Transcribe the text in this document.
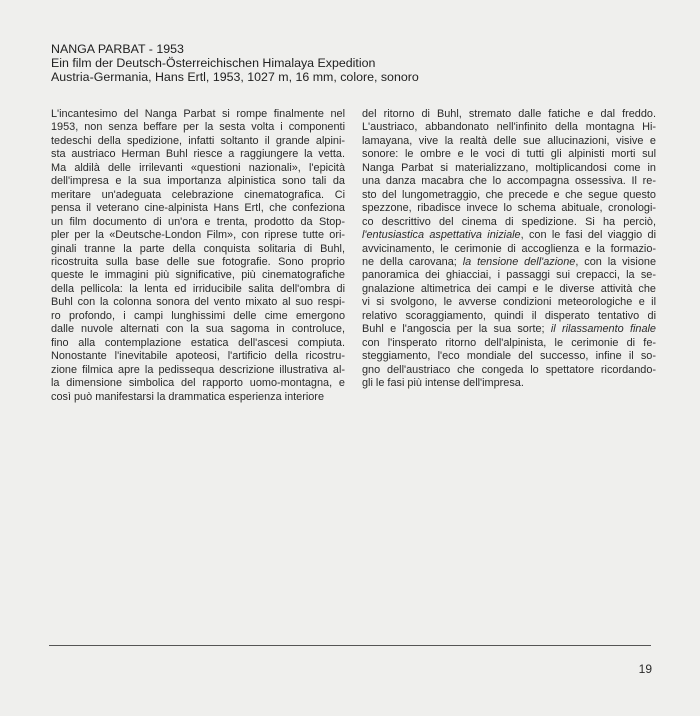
NANGA PARBAT - 1953
Ein film der Deutsch-Österreichischen Himalaya Expedition
Austria-Germania, Hans Ertl, 1953, 1027 m, 16 mm, colore, sonoro
L'incantesimo del Nanga Parbat si rompe finalmente nel
1953, non senza beffare per la sesta volta i componenti
tedeschi della spedizione, infatti soltanto il grande alpini-
sta austriaco Herman Buhl riesce a raggiungere la vetta.
Ma aldilà delle irrilevanti «questioni nazionali», l'epicità
dell'impresa e la sua importanza alpinistica sono tali da
meritare un'adeguata celebrazione cinematografica. Ci
pensa il veterano cine-alpinista Hans Ertl, che confeziona
un film documento di un'ora e trenta, prodotto da Stop-
pler per la «Deutsche-London Film», con riprese tutte ori-
ginali tranne la parte della conquista solitaria di Buhl,
ricostruita sulla base delle sue fotografie. Sono proprio
queste le immagini più significative, più cinematografiche
della pellicola: la lenta ed irriducibile salita dell'ombra di
Buhl con la colonna sonora del vento mixato al suo respi-
ro profondo, i campi lunghissimi delle cime emergono
dalle nuvole alternati con la sua sagoma in controluce,
fino alla contemplazione estatica dell'ascesi compiuta.
Nonostante l'inevitabile apoteosi, l'artificio della ricostru-
zione filmica apre la pedissequa descrizione illustrativa al-
la dimensione simbolica del rapporto uomo-montagna, e
così può manifestarsi la drammatica esperienza interiore
del ritorno di Buhl, stremato dalle fatiche e dal freddo.
L'austriaco, abbandonato nell'infinito della montagna Hi-
lamayana, vive la realtà delle sue allucinazioni, visive e
sonore: le ombre e le voci di tutti gli alpinisti morti sul
Nanga Parbat si materializzano, moltiplicandosi come in
una danza macabra che lo accompagna ossessiva. Il re-
sto del lungometraggio, che precede e che segue questo
spezzone, ribadisce invece lo schema abituale, cronologi-
co descrittivo del cinema di spedizione. Si ha perciò,
l'entusiastica aspettativa iniziale, con le fasi del viaggio di
avvicinamento, le cerimonie di accoglienza e la formazio-
ne della carovana; la tensione dell'azione, con la visione
panoramica dei ghiacciai, i passaggi sui crepacci, la se-
gnalazione altimetrica dei campi e le diverse attività che
vi si svolgono, le avverse condizioni meteorologiche e il
relativo scoraggiamento, quindi il disperato tentativo di
Buhl e l'angoscia per la sua sorte; il rilassamento finale
con l'insperato ritorno dell'alpinista, le cerimonie di fe-
steggiamento, l'eco mondiale del successo, infine il so-
gno dell'austriaco che congeda lo spettatore ricordando-
gli le fasi più intense dell'impresa.
19
